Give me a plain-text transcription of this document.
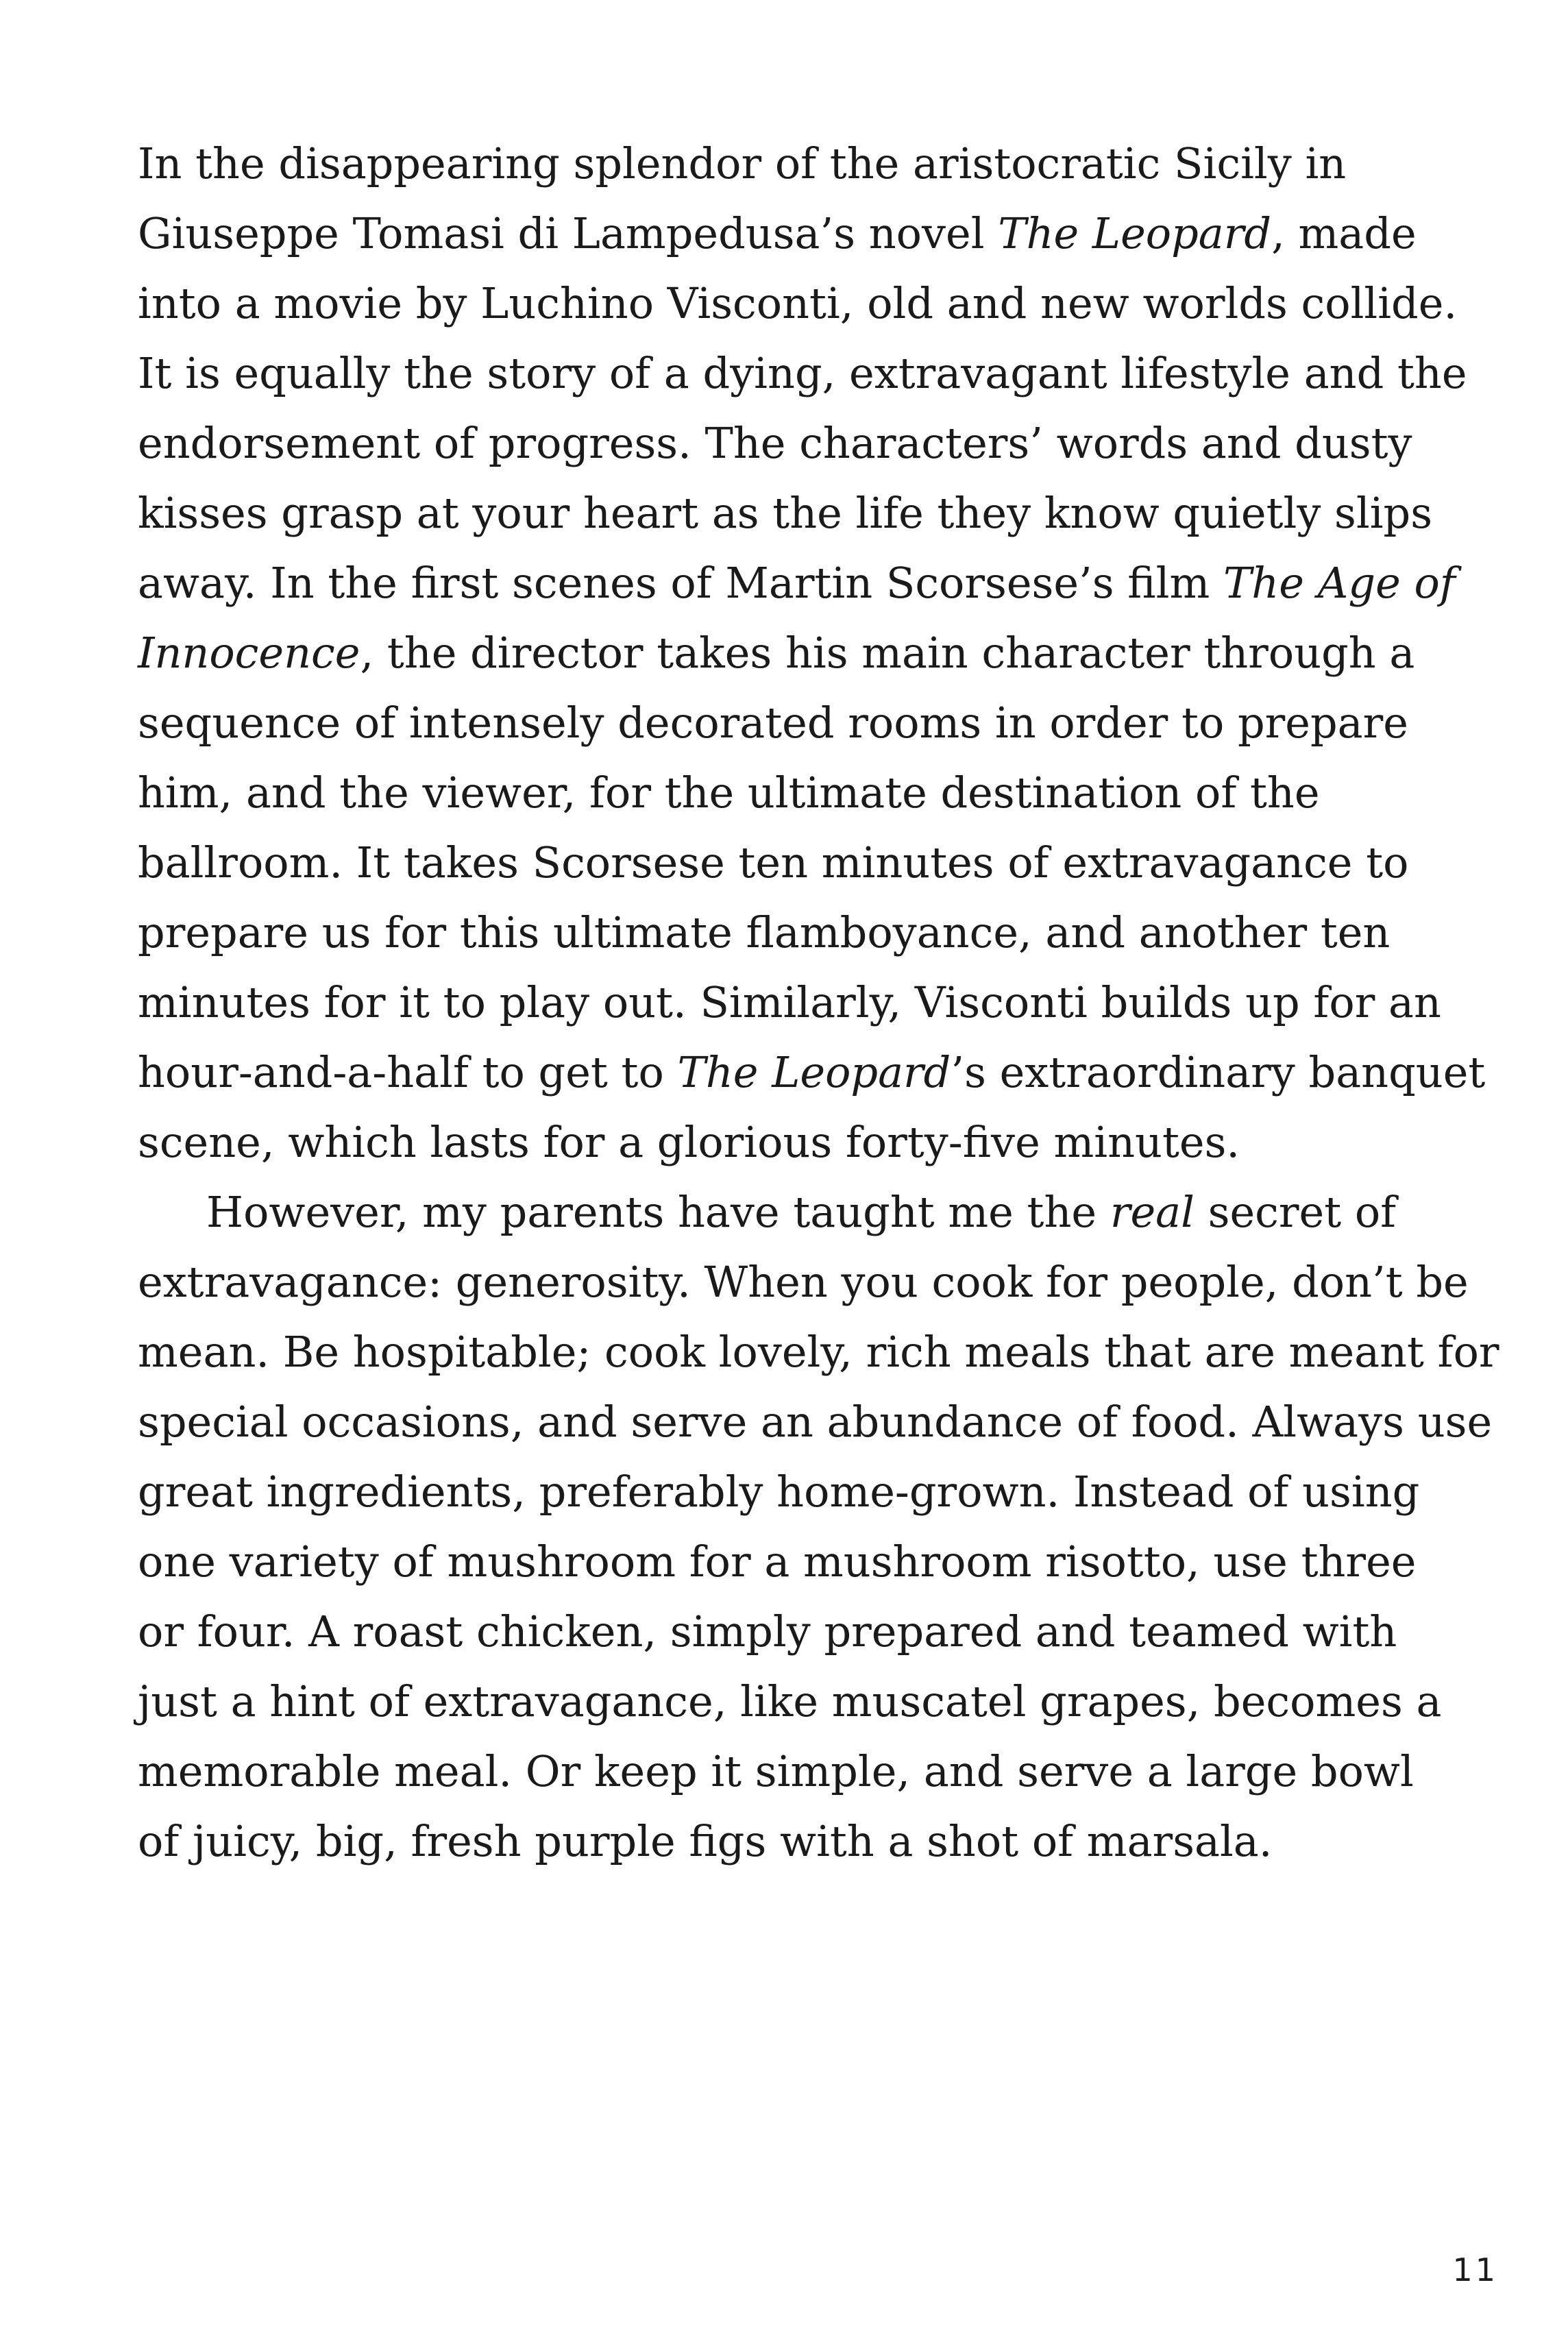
In the disappearing splendor of the aristocratic Sicily in
Giuseppe Tomasi di Lampedusa’s novel The Leopard, made
into a movie by Luchino Visconti, old and new worlds collide.
It is equally the story of a dying, extravagant lifestyle and the
endorsement of progress. The characters’ words and dusty
kisses grasp at your heart as the life they know quietly slips
away. In the first scenes of Martin Scorsese’s film The Age of
Innocence, the director takes his main character through a
sequence of intensely decorated rooms in order to prepare
him, and the viewer, for the ultimate destination of the
ballroom. It takes Scorsese ten minutes of extravagance to
prepare us for this ultimate flamboyance, and another ten
minutes for it to play out. Similarly, Visconti builds up for an
hour-and-a-half to get to The Leopard’s extraordinary banquet
scene, which lasts for a glorious forty-five minutes.
However, my parents have taught me the real secret of
extravagance: generosity. When you cook for people, don’t be
mean. Be hospitable; cook lovely, rich meals that are meant for
special occasions, and serve an abundance of food. Always use
great ingredients, preferably home-grown. Instead of using
one variety of mushroom for a mushroom risotto, use three
or four. A roast chicken, simply prepared and teamed with
just a hint of extravagance, like muscatel grapes, becomes a
memorable meal. Or keep it simple, and serve a large bowl
of juicy, big, fresh purple figs with a shot of marsala.
11
